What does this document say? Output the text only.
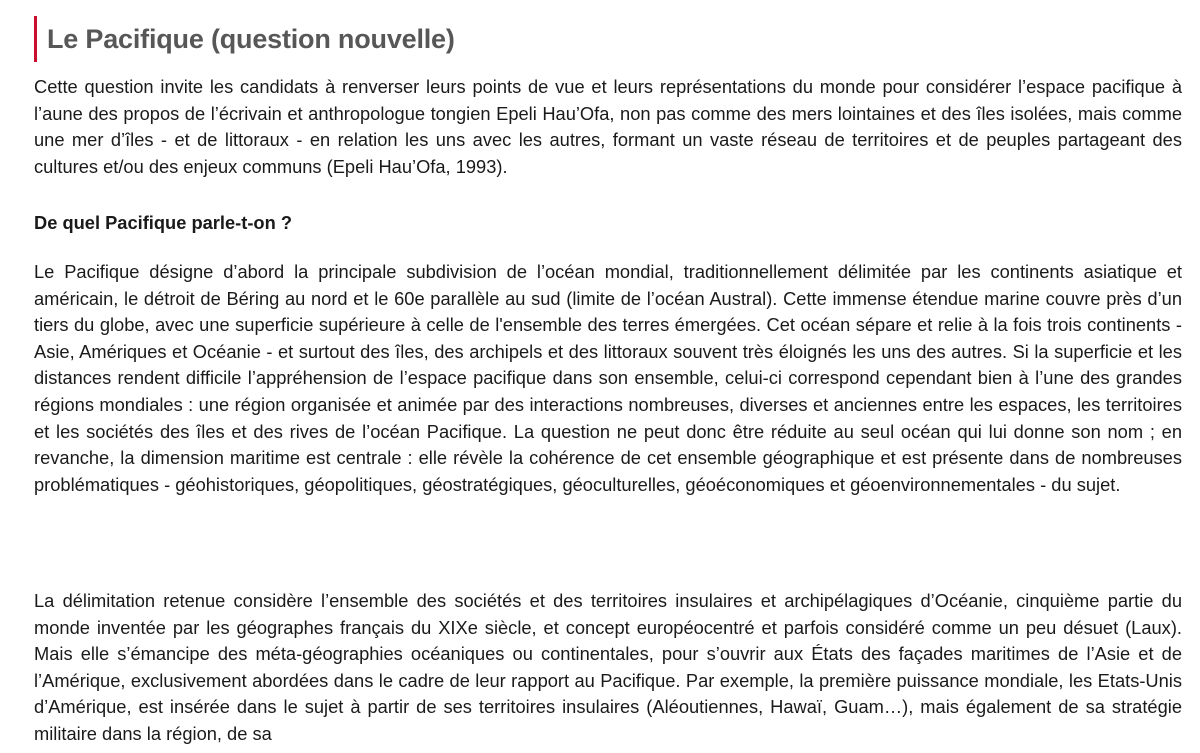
Le Pacifique (question nouvelle)

Cette question invite les candidats à renverser leurs points de vue et leurs représentations du monde pour considérer l’espace pacifique à l’aune des propos de l’écrivain et anthropologue tongien Epeli Hau’Ofa, non pas comme des mers lointaines et des îles isolées, mais comme une mer d’îles - et de littoraux - en relation les uns avec les autres, formant un vaste réseau de territoires et de peuples partageant des cultures et/ou des enjeux communs (Epeli Hau’Ofa, 1993).

De quel Pacifique parle-t-on ?

Le Pacifique désigne d’abord la principale subdivision de l’océan mondial, traditionnellement délimitée par les continents asiatique et américain, le détroit de Béring au nord et le 60e parallèle au sud (limite de l’océan Austral). Cette immense étendue marine couvre près d’un tiers du globe, avec une superficie supérieure à celle de l'ensemble des terres émergées. Cet océan sépare et relie à la fois trois continents - Asie, Amériques et Océanie - et surtout des îles, des archipels et des littoraux souvent très éloignés les uns des autres. Si la superficie et les distances rendent difficile l’appréhension de l’espace pacifique dans son ensemble, celui-ci correspond cependant bien à l’une des grandes régions mondiales : une région organisée et animée par des interactions nombreuses, diverses et anciennes entre les espaces, les territoires et les sociétés des îles et des rives de l’océan Pacifique. La question ne peut donc être réduite au seul océan qui lui donne son nom ; en revanche, la dimension maritime est centrale : elle révèle la cohérence de cet ensemble géographique et est présente dans de nombreuses problématiques - géohistoriques, géopolitiques, géostratégiques, géoculturelles, géoéconomiques et géoenvironnementales - du sujet.

La délimitation retenue considère l’ensemble des sociétés et des territoires insulaires et archipélagiques d’Océanie, cinquième partie du monde inventée par les géographes français du XIXe siècle, et concept européocentré et parfois considéré comme un peu désuet (Laux). Mais elle s’émancipe des méta-géographies océaniques ou continentales, pour s’ouvrir aux États des façades maritimes de l’Asie et de l’Amérique, exclusivement abordées dans le cadre de leur rapport au Pacifique. Par exemple, la première puissance mondiale, les Etats-Unis d’Amérique, est insérée dans le sujet à partir de ses territoires insulaires (Aléoutiennes, Hawaï, Guam…), mais également de sa stratégie militaire dans la région, de sa
